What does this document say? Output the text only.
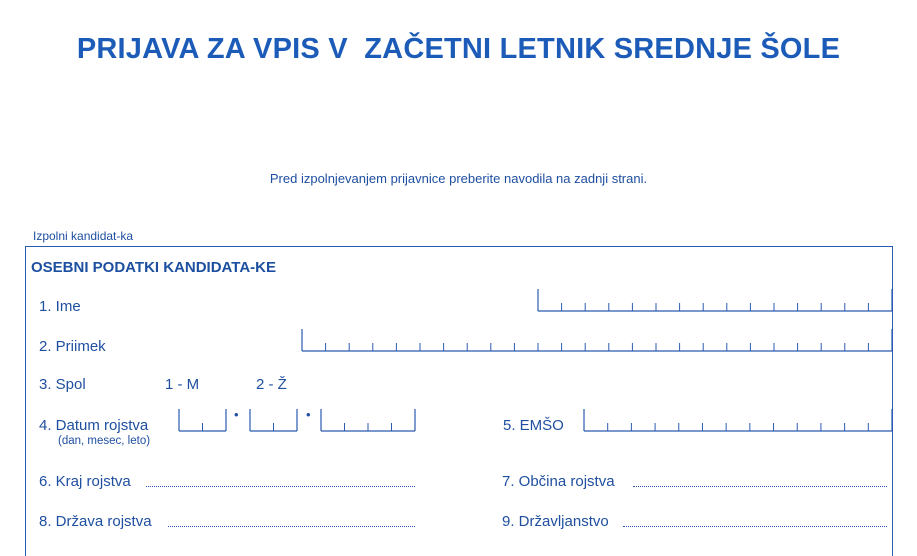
PRIJAVA ZA VPIS V  ZAČETNI LETNIK SREDNJE ŠOLE
Pred izpolnjevanjem prijavnice preberite navodila na zadnji strani.
Izpolni kandidat-ka
OSEBNI PODATKI KANDIDATA-KE
1. Ime
2. Priimek
3. Spol	1 - M	2 - Ž
4. Datum rojstva
(dan, mesec, leto)
5. EMŠO
6. Kraj rojstva	7. Občina rojstva
8. Država rojstva	9. Državljanstvo
•	•
